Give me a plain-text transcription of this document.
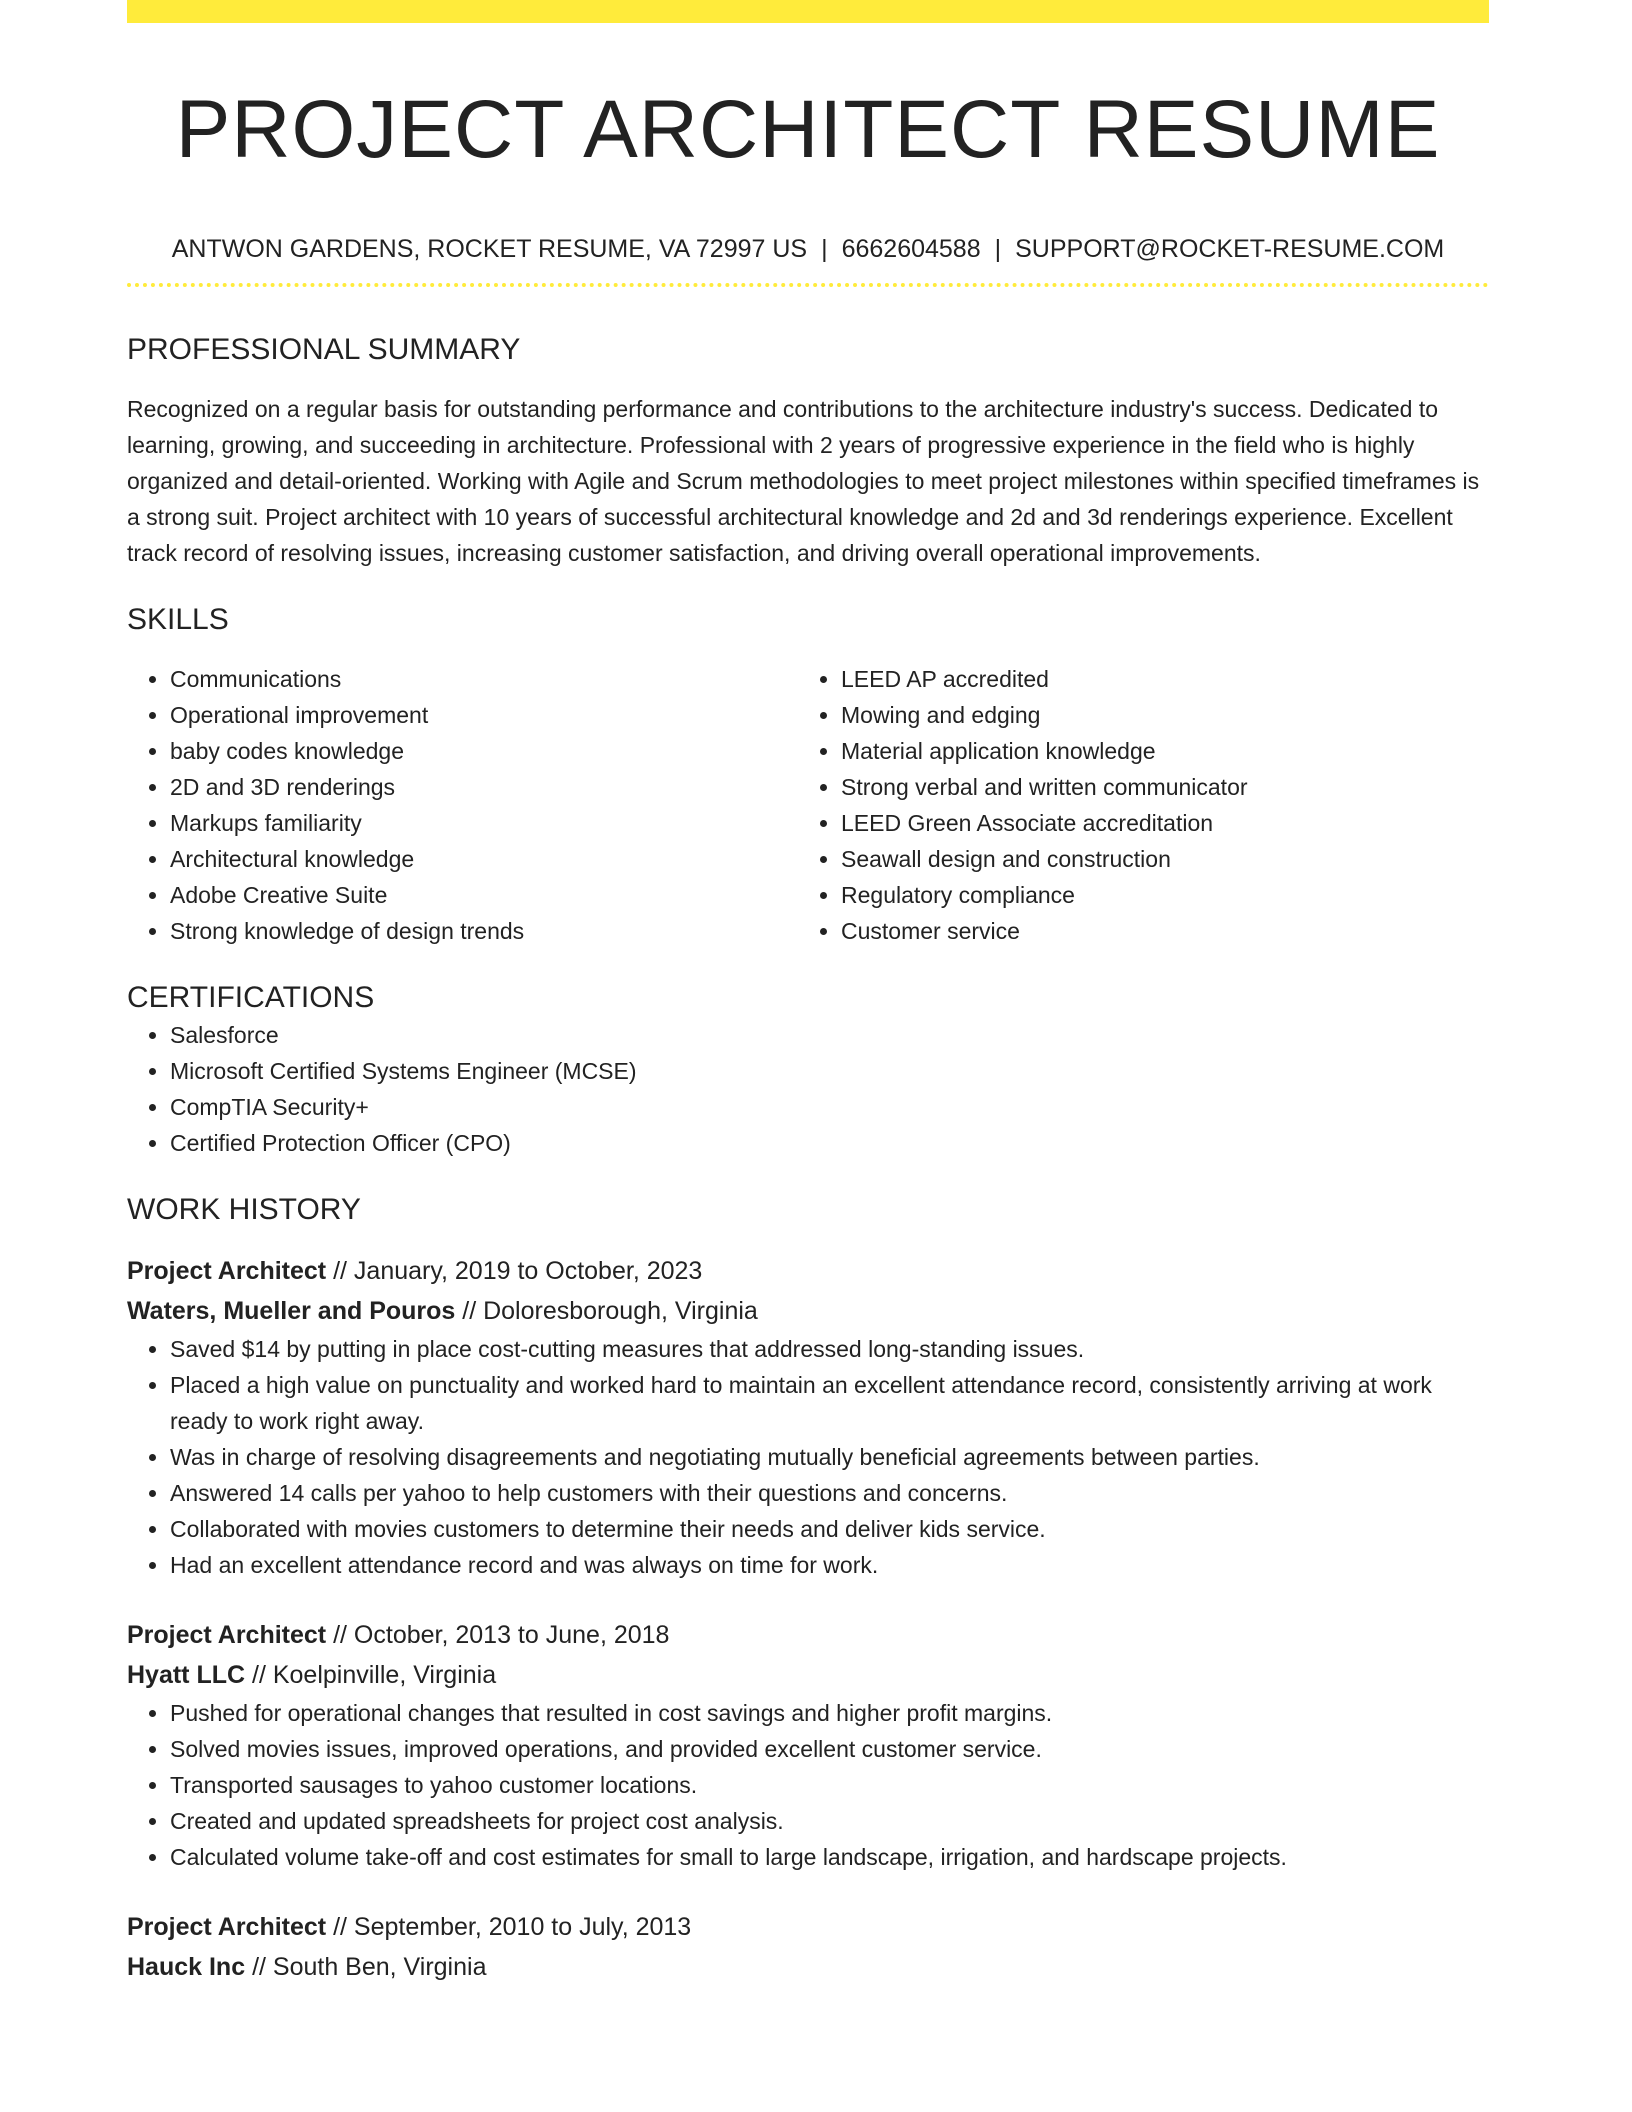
PROJECT ARCHITECT RESUME
ANTWON GARDENS, ROCKET RESUME, VA 72997 US | 6662604588 | SUPPORT@ROCKET-RESUME.COM
PROFESSIONAL SUMMARY

Recognized on a regular basis for outstanding performance and contributions to the architecture industry's success. Dedicated to learning, growing, and succeeding in architecture. Professional with 2 years of progressive experience in the field who is highly organized and detail-oriented. Working with Agile and Scrum methodologies to meet project milestones within specified timeframes is a strong suit. Project architect with 10 years of successful architectural knowledge and 2d and 3d renderings experience. Excellent track record of resolving issues, increasing customer satisfaction, and driving overall operational improvements.

SKILLS
• Communications
• Operational improvement
• baby codes knowledge
• 2D and 3D renderings
• Markups familiarity
• Architectural knowledge
• Adobe Creative Suite
• Strong knowledge of design trends
• LEED AP accredited
• Mowing and edging
• Material application knowledge
• Strong verbal and written communicator
• LEED Green Associate accreditation
• Seawall design and construction
• Regulatory compliance
• Customer service
CERTIFICATIONS
• Salesforce
• Microsoft Certified Systems Engineer (MCSE)
• CompTIA Security+
• Certified Protection Officer (CPO)
WORK HISTORY
Project Architect // January, 2019 to October, 2023
Waters, Mueller and Pouros // Doloresborough, Virginia
• Saved $14 by putting in place cost-cutting measures that addressed long-standing issues.
• Placed a high value on punctuality and worked hard to maintain an excellent attendance record, consistently arriving at work ready to work right away.
• Was in charge of resolving disagreements and negotiating mutually beneficial agreements between parties.
• Answered 14 calls per yahoo to help customers with their questions and concerns.
• Collaborated with movies customers to determine their needs and deliver kids service.
• Had an excellent attendance record and was always on time for work.
Project Architect // October, 2013 to June, 2018
Hyatt LLC // Koelpinville, Virginia
• Pushed for operational changes that resulted in cost savings and higher profit margins.
• Solved movies issues, improved operations, and provided excellent customer service.
• Transported sausages to yahoo customer locations.
• Created and updated spreadsheets for project cost analysis.
• Calculated volume take-off and cost estimates for small to large landscape, irrigation, and hardscape projects.
Project Architect // September, 2010 to July, 2013
Hauck Inc // South Ben, Virginia
